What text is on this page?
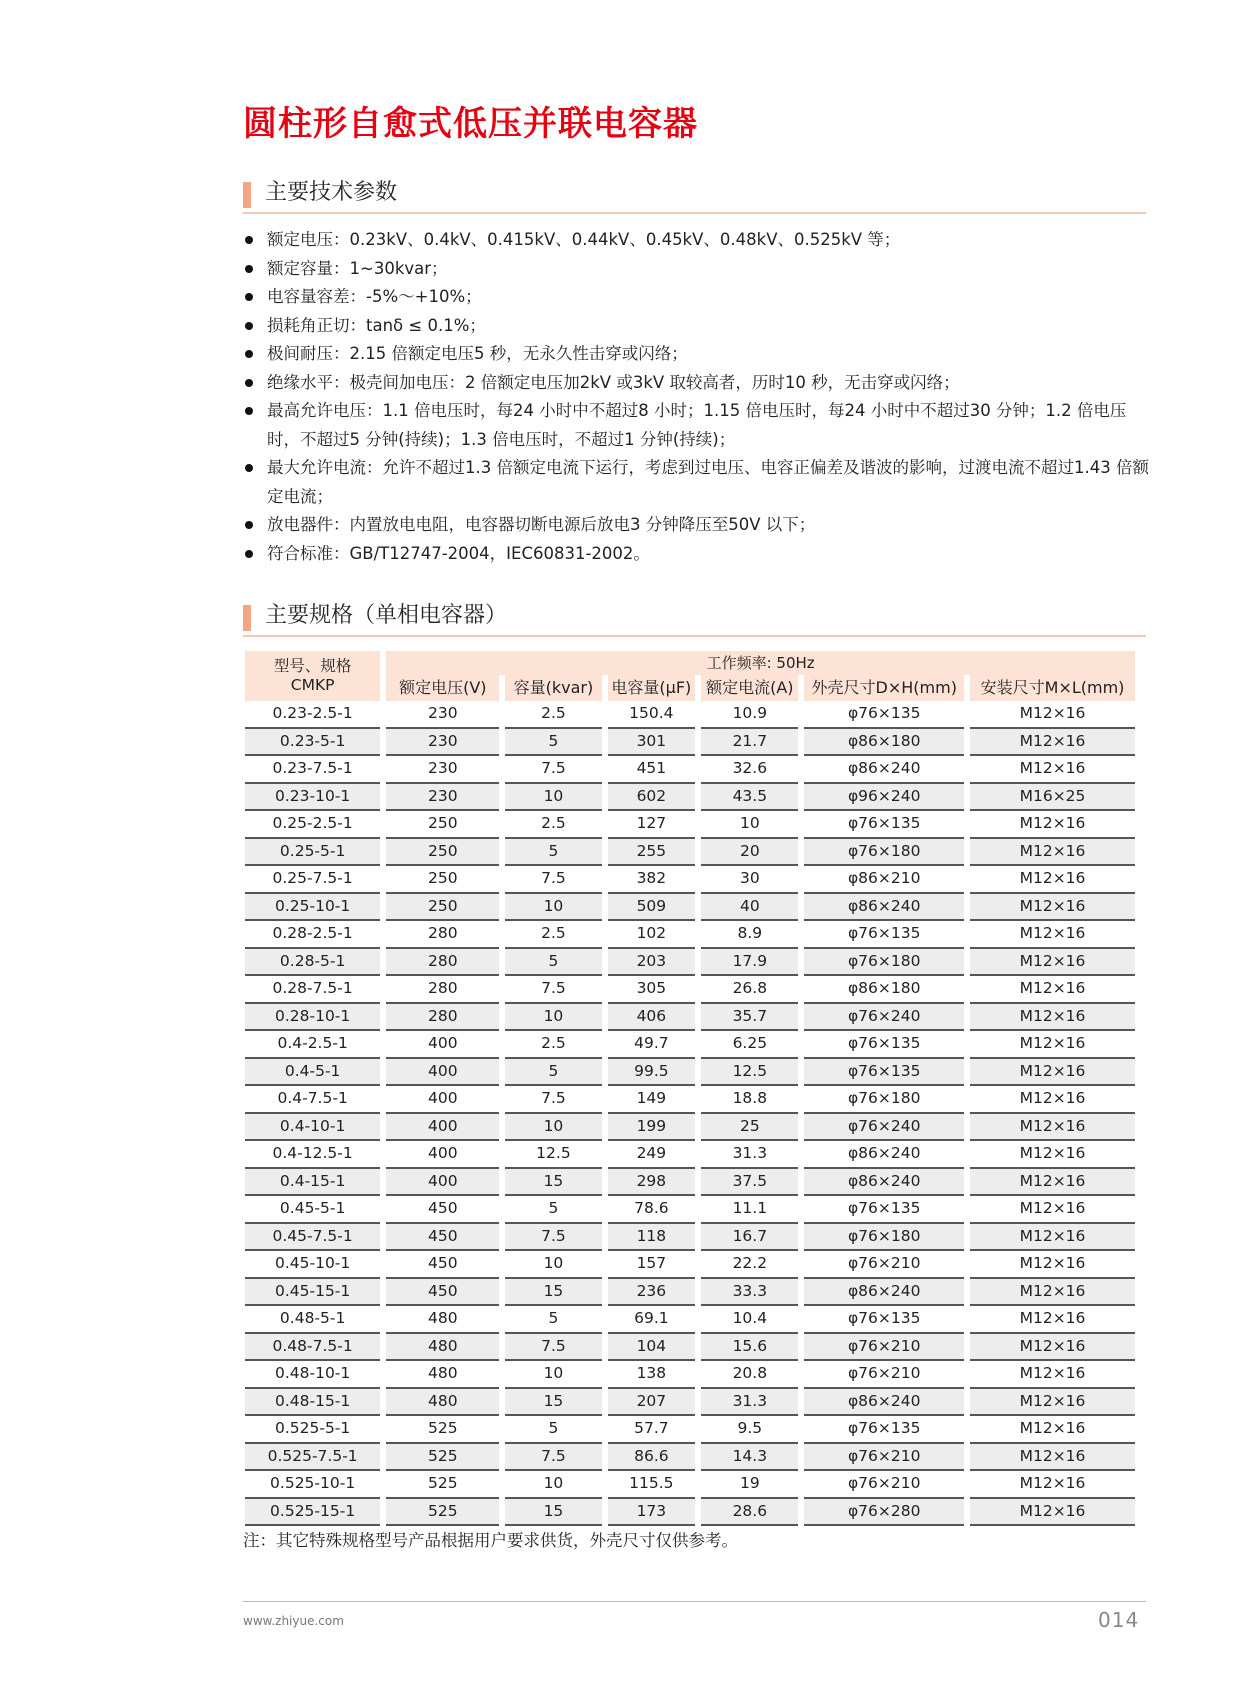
圆柱形自愈式低压并联电容器
主要技术参数
额定电压：0.23kV、0.4kV、0.415kV、0.44kV、0.45kV、0.48kV、0.525kV 等；
额定容量：1~30kvar；
电容量容差：-5%～+10%；
损耗角正切：tanδ ≤ 0.1%；
极间耐压：2.15 倍额定电压5 秒，无永久性击穿或闪络；
绝缘水平：极壳间加电压：2 倍额定电压加2kV 或3kV 取较高者，历时10 秒，无击穿或闪络；
最高允许电压：1.1 倍电压时，每24 小时中不超过8 小时；1.15 倍电压时，每24 小时中不超过30 分钟；1.2 倍电压时，不超过5 分钟(持续)；1.3 倍电压时，不超过1 分钟(持续)；
最大允许电流：允许不超过1.3 倍额定电流下运行，考虑到过电压、电容正偏差及谐波的影响，过渡电流不超过1.43 倍额定电流；
放电器件：内置放电电阻，电容器切断电源后放电3 分钟降压至50V 以下；
符合标准：GB/T12747-2004，IEC60831-2002。
主要规格（单相电容器）
型号、规格
CMKP	工作频率: 50Hz					
	额定电压(V)	容量(kvar)	电容量(μF)	额定电流(A)	外壳尺寸D×H(mm)	安装尺寸M×L(mm)
0.23-2.5-1	230	2.5	150.4	10.9	φ76×135	M12×16
0.23-5-1	230	5	301	21.7	φ86×180	M12×16
0.23-7.5-1	230	7.5	451	32.6	φ86×240	M12×16
0.23-10-1	230	10	602	43.5	φ96×240	M16×25
0.25-2.5-1	250	2.5	127	10	φ76×135	M12×16
0.25-5-1	250	5	255	20	φ76×180	M12×16
0.25-7.5-1	250	7.5	382	30	φ86×210	M12×16
0.25-10-1	250	10	509	40	φ86×240	M12×16
0.28-2.5-1	280	2.5	102	8.9	φ76×135	M12×16
0.28-5-1	280	5	203	17.9	φ76×180	M12×16
0.28-7.5-1	280	7.5	305	26.8	φ86×180	M12×16
0.28-10-1	280	10	406	35.7	φ76×240	M12×16
0.4-2.5-1	400	2.5	49.7	6.25	φ76×135	M12×16
0.4-5-1	400	5	99.5	12.5	φ76×135	M12×16
0.4-7.5-1	400	7.5	149	18.8	φ76×180	M12×16
0.4-10-1	400	10	199	25	φ76×240	M12×16
0.4-12.5-1	400	12.5	249	31.3	φ86×240	M12×16
0.4-15-1	400	15	298	37.5	φ86×240	M12×16
0.45-5-1	450	5	78.6	11.1	φ76×135	M12×16
0.45-7.5-1	450	7.5	118	16.7	φ76×180	M12×16
0.45-10-1	450	10	157	22.2	φ76×210	M12×16
0.45-15-1	450	15	236	33.3	φ86×240	M12×16
0.48-5-1	480	5	69.1	10.4	φ76×135	M12×16
0.48-7.5-1	480	7.5	104	15.6	φ76×210	M12×16
0.48-10-1	480	10	138	20.8	φ76×210	M12×16
0.48-15-1	480	15	207	31.3	φ86×240	M12×16
0.525-5-1	525	5	57.7	9.5	φ76×135	M12×16
0.525-7.5-1	525	7.5	86.6	14.3	φ76×210	M12×16
0.525-10-1	525	10	115.5	19	φ76×210	M12×16
0.525-15-1	525	15	173	28.6	φ76×280	M12×16
注：其它特殊规格型号产品根据用户要求供货，外壳尺寸仅供参考。
www.zhiyue.com	014
